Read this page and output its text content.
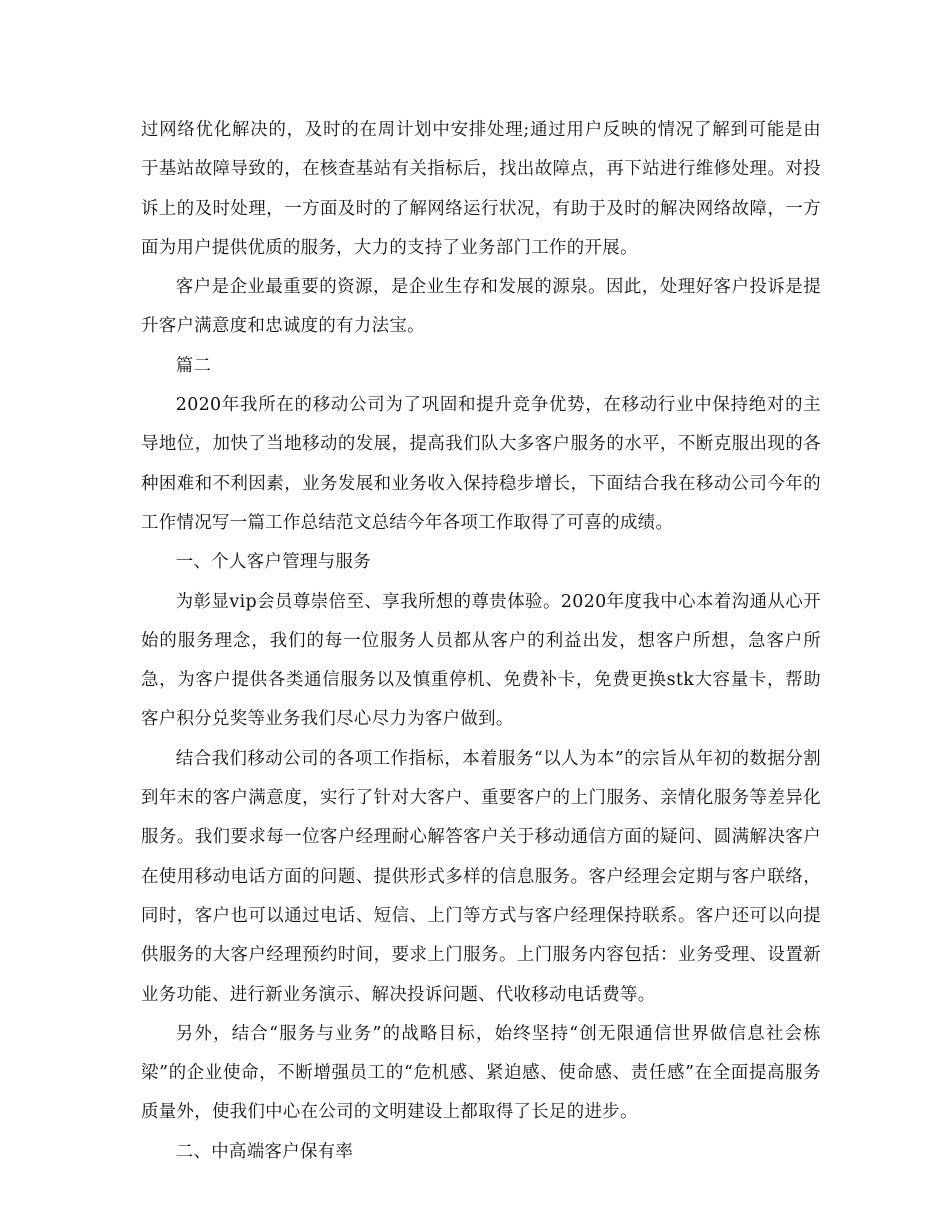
过网络优化解决的，及时的在周计划中安排处理;通过用户反映的情况了解到可能是由于基站故障导致的，在核查基站有关指标后，找出故障点，再下站进行维修处理。对投诉上的及时处理，一方面及时的了解网络运行状况，有助于及时的解决网络故障，一方面为用户提供优质的服务，大力的支持了业务部门工作的开展。

客户是企业最重要的资源，是企业生存和发展的源泉。因此，处理好客户投诉是提升客户满意度和忠诚度的有力法宝。

篇二

2020年我所在的移动公司为了巩固和提升竞争优势，在移动行业中保持绝对的主导地位，加快了当地移动的发展，提高我们队大多客户服务的水平，不断克服出现的各种困难和不利因素，业务发展和业务收入保持稳步增长，下面结合我在移动公司今年的工作情况写一篇工作总结范文总结今年各项工作取得了可喜的成绩。

一、个人客户管理与服务

为彰显vip会员尊崇倍至、享我所想的尊贵体验。2020年度我中心本着沟通从心开始的服务理念，我们的每一位服务人员都从客户的利益出发，想客户所想，急客户所急，为客户提供各类通信服务以及慎重停机、免费补卡，免费更换stk大容量卡，帮助客户积分兑奖等业务我们尽心尽力为客户做到。

结合我们移动公司的各项工作指标，本着服务“以人为本”的宗旨从年初的数据分割到年末的客户满意度，实行了针对大客户、重要客户的上门服务、亲情化服务等差异化服务。我们要求每一位客户经理耐心解答客户关于移动通信方面的疑问、圆满解决客户在使用移动电话方面的问题、提供形式多样的信息服务。客户经理会定期与客户联络，同时，客户也可以通过电话、短信、上门等方式与客户经理保持联系。客户还可以向提供服务的大客户经理预约时间，要求上门服务。上门服务内容包括：业务受理、设置新业务功能、进行新业务演示、解决投诉问题、代收移动电话费等。

另外，结合“服务与业务”的战略目标，始终坚持“创无限通信世界做信息社会栋梁”的企业使命，不断增强员工的“危机感、紧迫感、使命感、责任感”在全面提高服务质量外，使我们中心在公司的文明建设上都取得了长足的进步。

二、中高端客户保有率
